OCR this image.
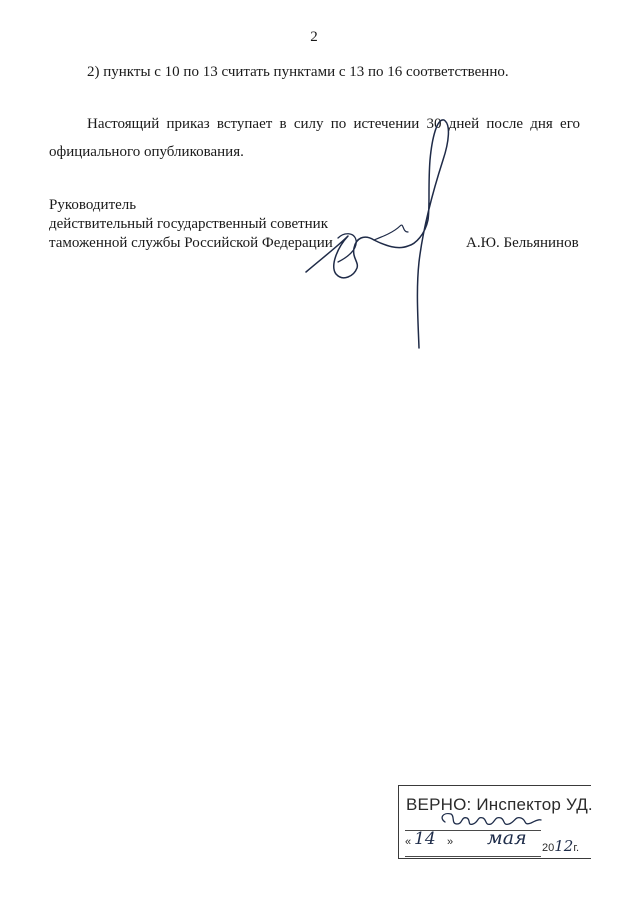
2

2) пункты с 10 по 13 считать пунктами с 13 по 16 соответственно.

Настоящий приказ вступает в силу по истечении 30 дней после дня его официального опубликования.

Руководитель
действительный государственный советник
таможенной службы Российской Федерации	А.Ю. Бельянинов
ВЕРНО: Инспектор УД.
« 14 » мая 2012г.
